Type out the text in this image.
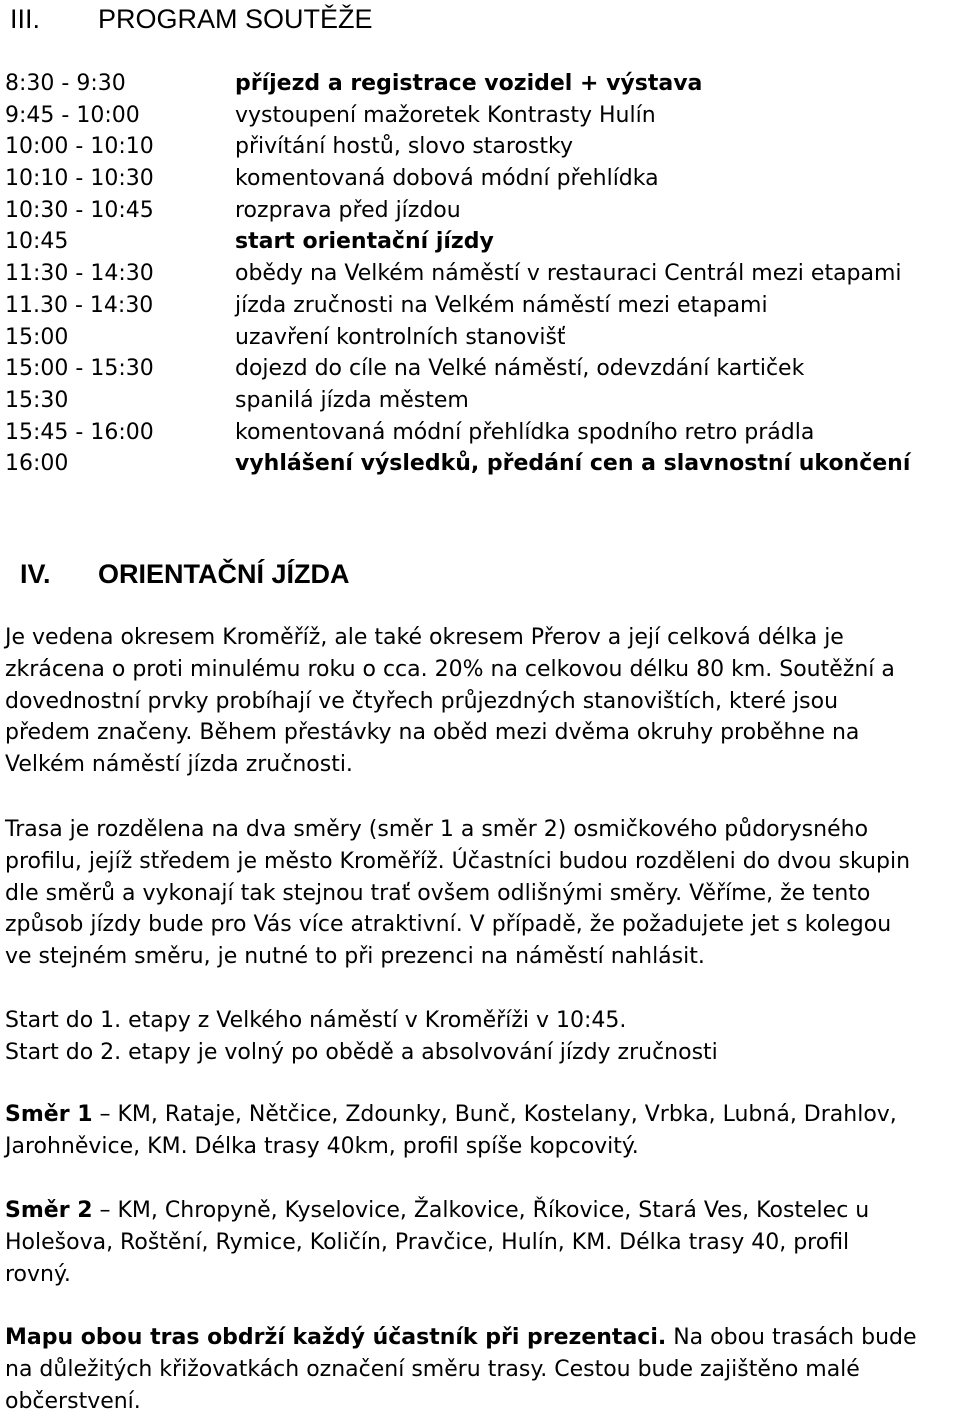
III. PROGRAM SOUTĚŽE
8:30 - 9:30	příjezd a registrace vozidel + výstava
9:45 - 10:00	vystoupení mažoretek Kontrasty Hulín
10:00 - 10:10	přivítání hostů, slovo starostky
10:10 - 10:30	komentovaná dobová módní přehlídka
10:30 - 10:45	rozprava před jízdou
10:45	start orientační jízdy
11:30 - 14:30	obědy na Velkém náměstí v restauraci Centrál mezi etapami
11.30 - 14:30	jízda zručnosti na Velkém náměstí mezi etapami
15:00	uzavření kontrolních stanovišť
15:00 - 15:30	dojezd do cíle na Velké náměstí, odevzdání kartiček
15:30	spanilá jízda městem
15:45 - 16:00	komentovaná módní přehlídka spodního retro prádla
16:00	vyhlášení výsledků, předání cen a slavnostní ukončení
IV. ORIENTAČNÍ JÍZDA

Je vedena okresem Kroměříž, ale také okresem Přerov a její celková délka je
zkrácena o proti minulému roku o cca. 20% na celkovou délku 80 km. Soutěžní a
dovednostní prvky probíhají ve čtyřech průjezdných stanovištích, které jsou
předem značeny. Během přestávky na oběd mezi dvěma okruhy proběhne na
Velkém náměstí jízda zručnosti.

Trasa je rozdělena na dva směry (směr 1 a směr 2) osmičkového půdorysného
profilu, jejíž středem je město Kroměříž. Účastníci budou rozděleni do dvou skupin
dle směrů a vykonají tak stejnou trať ovšem odlišnými směry. Věříme, že tento
způsob jízdy bude pro Vás více atraktivní. V případě, že požadujete jet s kolegou
ve stejném směru, je nutné to při prezenci na náměstí nahlásit.

Start do 1. etapy z Velkého náměstí v Kroměříži v 10:45.
Start do 2. etapy je volný po obědě a absolvování jízdy zručnosti

Směr 1 – KM, Rataje, Nětčice, Zdounky, Bunč, Kostelany, Vrbka, Lubná, Drahlov,
Jarohněvice, KM. Délka trasy 40km, profil spíše kopcovitý.

Směr 2 – KM, Chropyně, Kyselovice, Žalkovice, Říkovice, Stará Ves, Kostelec u
Holešova, Roštění, Rymice, Količín, Pravčice, Hulín, KM. Délka trasy 40, profil
rovný.

Mapu obou tras obdrží každý účastník při prezentaci. Na obou trasách bude
na důležitých křižovatkách označení směru trasy. Cestou bude zajištěno malé
občerstvení.
